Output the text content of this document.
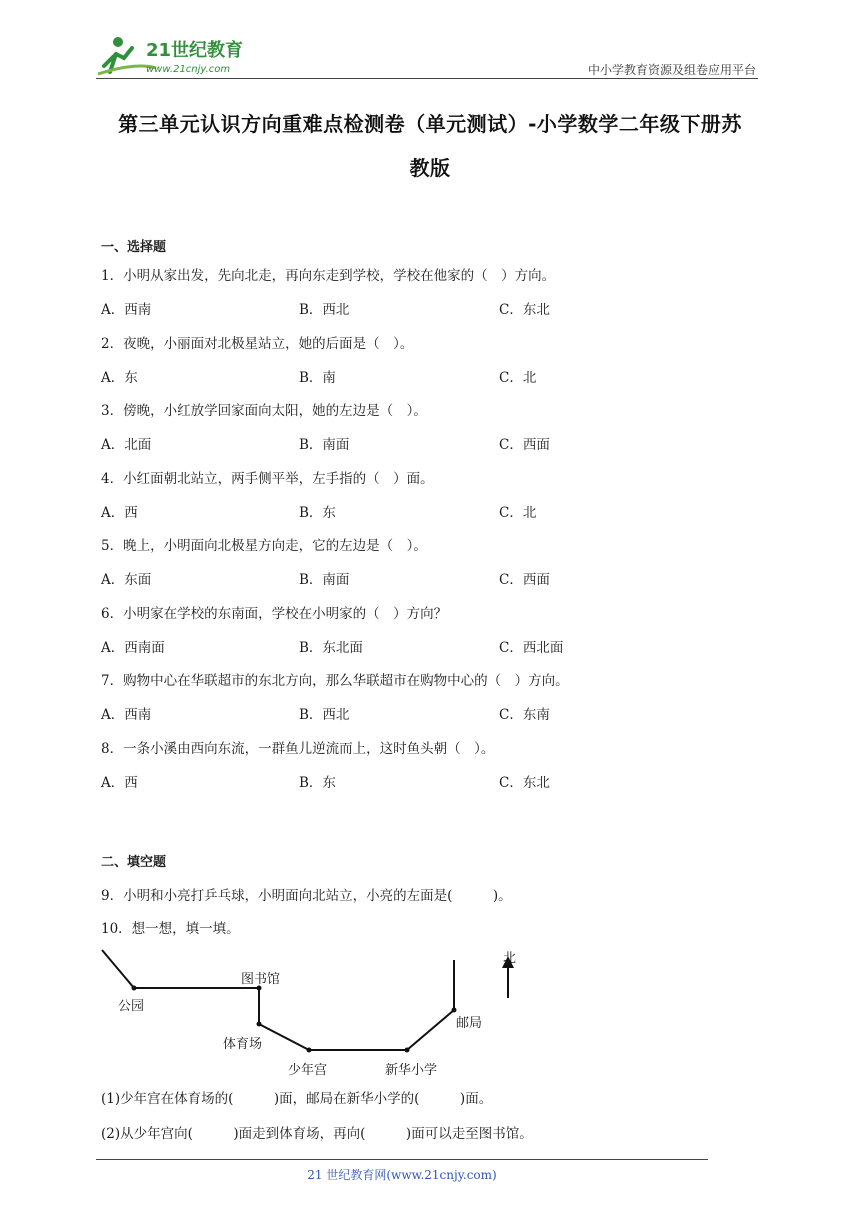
21世纪教育
www.21cnjy.com	中小学教育资源及组卷应用平台
第三单元认识方向重难点检测卷（单元测试）-小学数学二年级下册苏
教版
一、选择题
1．小明从家出发，先向北走，再向东走到学校，学校在他家的（　）方向。
A．西南	B．西北	C．东北
2．夜晚，小丽面对北极星站立，她的后面是（　）。
A．东	B．南	C．北
3．傍晚，小红放学回家面向太阳，她的左边是（　）。
A．北面	B．南面	C．西面
4．小红面朝北站立，两手侧平举，左手指的（　）面。
A．西	B．东	C．北
5．晚上，小明面向北极星方向走，它的左边是（　）。
A．东面	B．南面	C．西面
6．小明家在学校的东南面，学校在小明家的（　）方向？
A．西南面	B．东北面	C．西北面
7．购物中心在华联超市的东北方向，那么华联超市在购物中心的（　）方向。
A．西南	B．西北	C．东南
8．一条小溪由西向东流，一群鱼儿逆流而上，这时鱼头朝（　）。
A．西	B．东	C．东北
二、填空题
9．小明和小亮打乒乓球，小明面向北站立，小亮的左面是(　　　)。
10．想一想，填一填。
北
公园
图书馆
体育场
少年宫	新华小学
邮局
(1)少年宫在体育场的(　　　)面，邮局在新华小学的(　　　)面。
(2)从少年宫向(　　　)面走到体育场，再向(　　　)面可以走至图书馆。
21 世纪教育网(www.21cnjy.com)
